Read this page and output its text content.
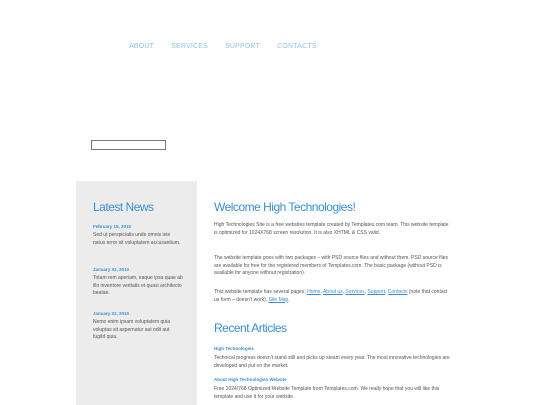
ABOUT SERVICES SUPPORT CONTACTS
Latest News
February 15, 2010
Sed ut perspiciatis unde omnis iste natus error sit voluptatem accusantium.
January 31, 2010
Totam rem aperiam, eaque ipsa quae ab illo inventore veritatis et quasi architecto beatae.
January 22, 2010
Nemo enim ipsam voluptatem quia voluptas sit aspernatur aut odit aut fugitd quia.
Welcome High Technologies!

High Technologies Site is a free websites template created by Templates.com team. This website template is optimized for 1024X768 screen resolution. It is also XHTML & CSS valid.

The website template goes with two packages – with PSD source files and without them. PSD source files are available for free for the registered members of Templates.com. The basic package (without PSD is available for anyone without registration).

This website template has several pages: Home, About us, Services, Support, Contacts (note that contact us form – doesn't work), Site Map.

Recent Articles
High Technologies

Technical progress doesn't stand still and picks up steam every year. The most innovative technologies are developed and put on the market.

About High Technologies Website

Free 1024/768 Optimized Website Template from Templates.com. We really hope that you will like this template and use it for your website.
